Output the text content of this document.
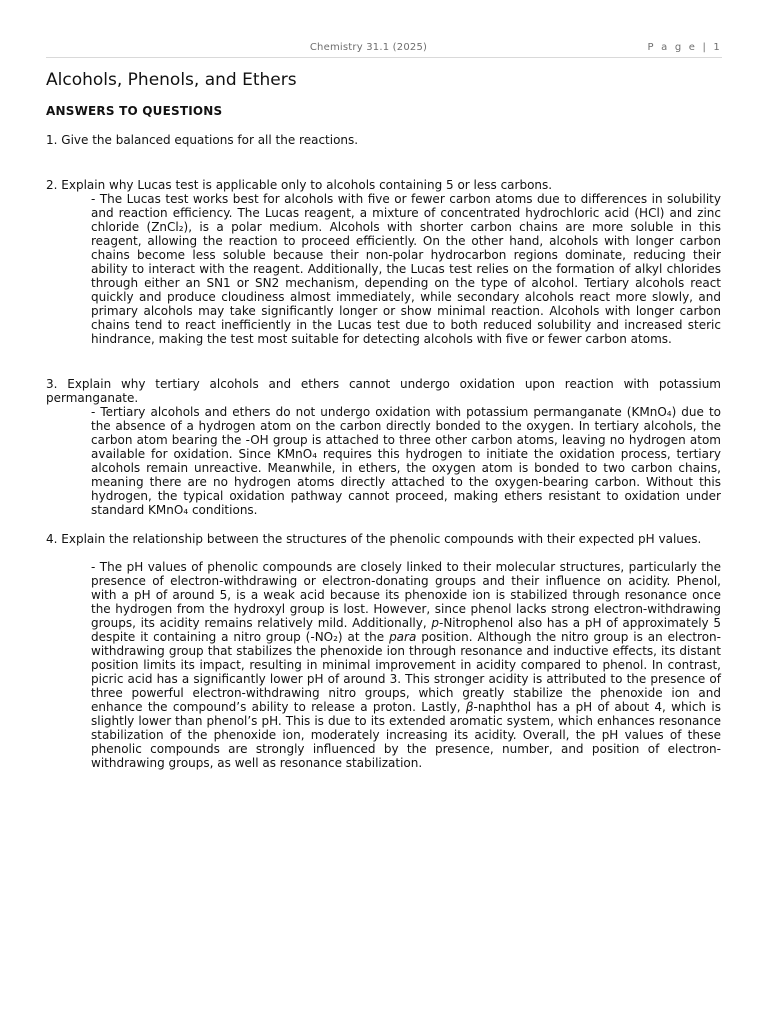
Chemistry 31.1 (2025)	P a g e | 1
Alcohols, Phenols, and Ethers
ANSWERS TO QUESTIONS
1. Give the balanced equations for all the reactions.
2. Explain why Lucas test is applicable only to alcohols containing 5 or less carbons.
- The Lucas test works best for alcohols with five or fewer carbon atoms due to differences in solubility and reaction efficiency. The Lucas reagent, a mixture of concentrated hydrochloric acid (HCl) and zinc chloride (ZnCl₂), is a polar medium. Alcohols with shorter carbon chains are more soluble in this reagent, allowing the reaction to proceed efficiently. On the other hand, alcohols with longer carbon chains become less soluble because their non-polar hydrocarbon regions dominate, reducing their ability to interact with the reagent. Additionally, the Lucas test relies on the formation of alkyl chlorides through either an SN1 or SN2 mechanism, depending on the type of alcohol. Tertiary alcohols react quickly and produce cloudiness almost immediately, while secondary alcohols react more slowly, and primary alcohols may take significantly longer or show minimal reaction. Alcohols with longer carbon chains tend to react inefficiently in the Lucas test due to both reduced solubility and increased steric hindrance, making the test most suitable for detecting alcohols with five or fewer carbon atoms.
3. Explain why tertiary alcohols and ethers cannot undergo oxidation upon reaction with potassium permanganate.
- Tertiary alcohols and ethers do not undergo oxidation with potassium permanganate (KMnO₄) due to the absence of a hydrogen atom on the carbon directly bonded to the oxygen. In tertiary alcohols, the carbon atom bearing the -OH group is attached to three other carbon atoms, leaving no hydrogen atom available for oxidation. Since KMnO₄ requires this hydrogen to initiate the oxidation process, tertiary alcohols remain unreactive. Meanwhile, in ethers, the oxygen atom is bonded to two carbon chains, meaning there are no hydrogen atoms directly attached to the oxygen-bearing carbon. Without this hydrogen, the typical oxidation pathway cannot proceed, making ethers resistant to oxidation under standard KMnO₄ conditions.
4. Explain the relationship between the structures of the phenolic compounds with their expected pH values.
- The pH values of phenolic compounds are closely linked to their molecular structures, particularly the presence of electron-withdrawing or electron-donating groups and their influence on acidity. Phenol, with a pH of around 5, is a weak acid because its phenoxide ion is stabilized through resonance once the hydrogen from the hydroxyl group is lost. However, since phenol lacks strong electron-withdrawing groups, its acidity remains relatively mild. Additionally, p-Nitrophenol also has a pH of approximately 5 despite it containing a nitro group (-NO₂) at the para position. Although the nitro group is an electron-withdrawing group that stabilizes the phenoxide ion through resonance and inductive effects, its distant position limits its impact, resulting in minimal improvement in acidity compared to phenol. In contrast, picric acid has a significantly lower pH of around 3. This stronger acidity is attributed to the presence of three powerful electron-withdrawing nitro groups, which greatly stabilize the phenoxide ion and enhance the compound’s ability to release a proton. Lastly, β-naphthol has a pH of about 4, which is slightly lower than phenol’s pH. This is due to its extended aromatic system, which enhances resonance stabilization of the phenoxide ion, moderately increasing its acidity. Overall, the pH values of these phenolic compounds are strongly influenced by the presence, number, and position of electron-withdrawing groups, as well as resonance stabilization.
